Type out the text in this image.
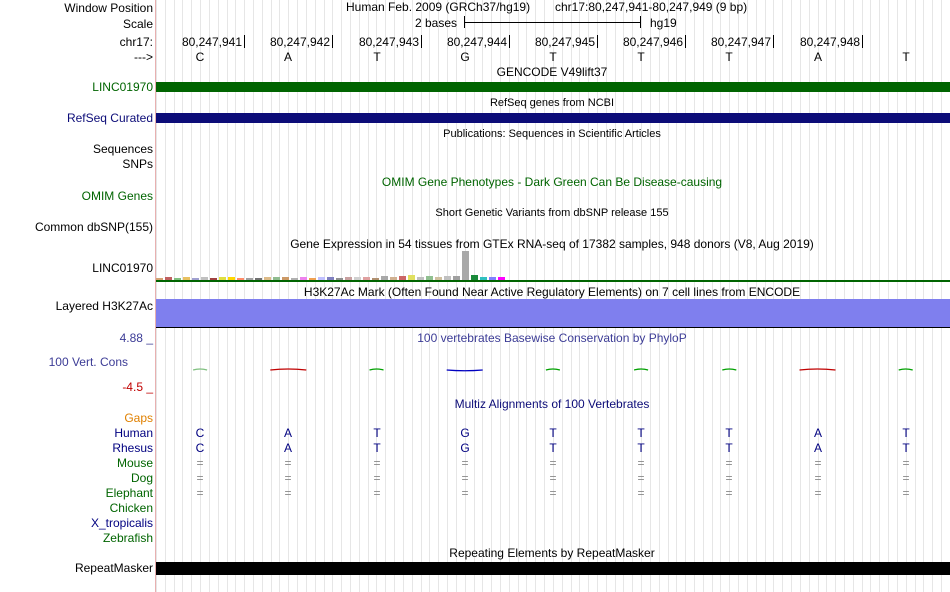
Window Position	Human Feb. 2009 (GRCh37/hg19) chr17:80,247,941-80,247,949 (9 bp)
Scale	2 bases	hg19
chr17:
--->
GENCODE V49lift37
LINC01970
RefSeq genes from NCBI
RefSeq Curated
Publications: Sequences in Scientific Articles
Sequences
SNPs
OMIM Gene Phenotypes - Dark Green Can Be Disease-causing
OMIM Genes
Short Genetic Variants from dbSNP release 155
Common dbSNP(155)
Gene Expression in 54 tissues from GTEx RNA-seq of 17382 samples, 948 donors (V8, Aug 2019)
LINC01970
H3K27Ac Mark (Often Found Near Active Regulatory Elements) on 7 cell lines from ENCODE
Layered H3K27Ac
100 vertebrates Basewise Conservation by PhyloP
4.88 _
100 Vert. Cons
-4.5 _
Multiz Alignments of 100 Vertebrates
Gaps
Repeating Elements by RepeatMasker
RepeatMasker
80,247,941	80,247,942	80,247,943	80,247,944	80,247,945	80,247,946	80,247,947	80,247,948
C	A	T	G	T	T	T	A	T
Human	C	A	T	G	T	T	T	A	T
Rhesus	C	A	T	G	T	T	T	A	T
Mouse	=	=	=	=	=	=	=	=	=
Dog	=	=	=	=	=	=	=	=	=
Elephant	=	=	=	=	=	=	=	=	=
Chicken
X_tropicalis
Zebrafish
